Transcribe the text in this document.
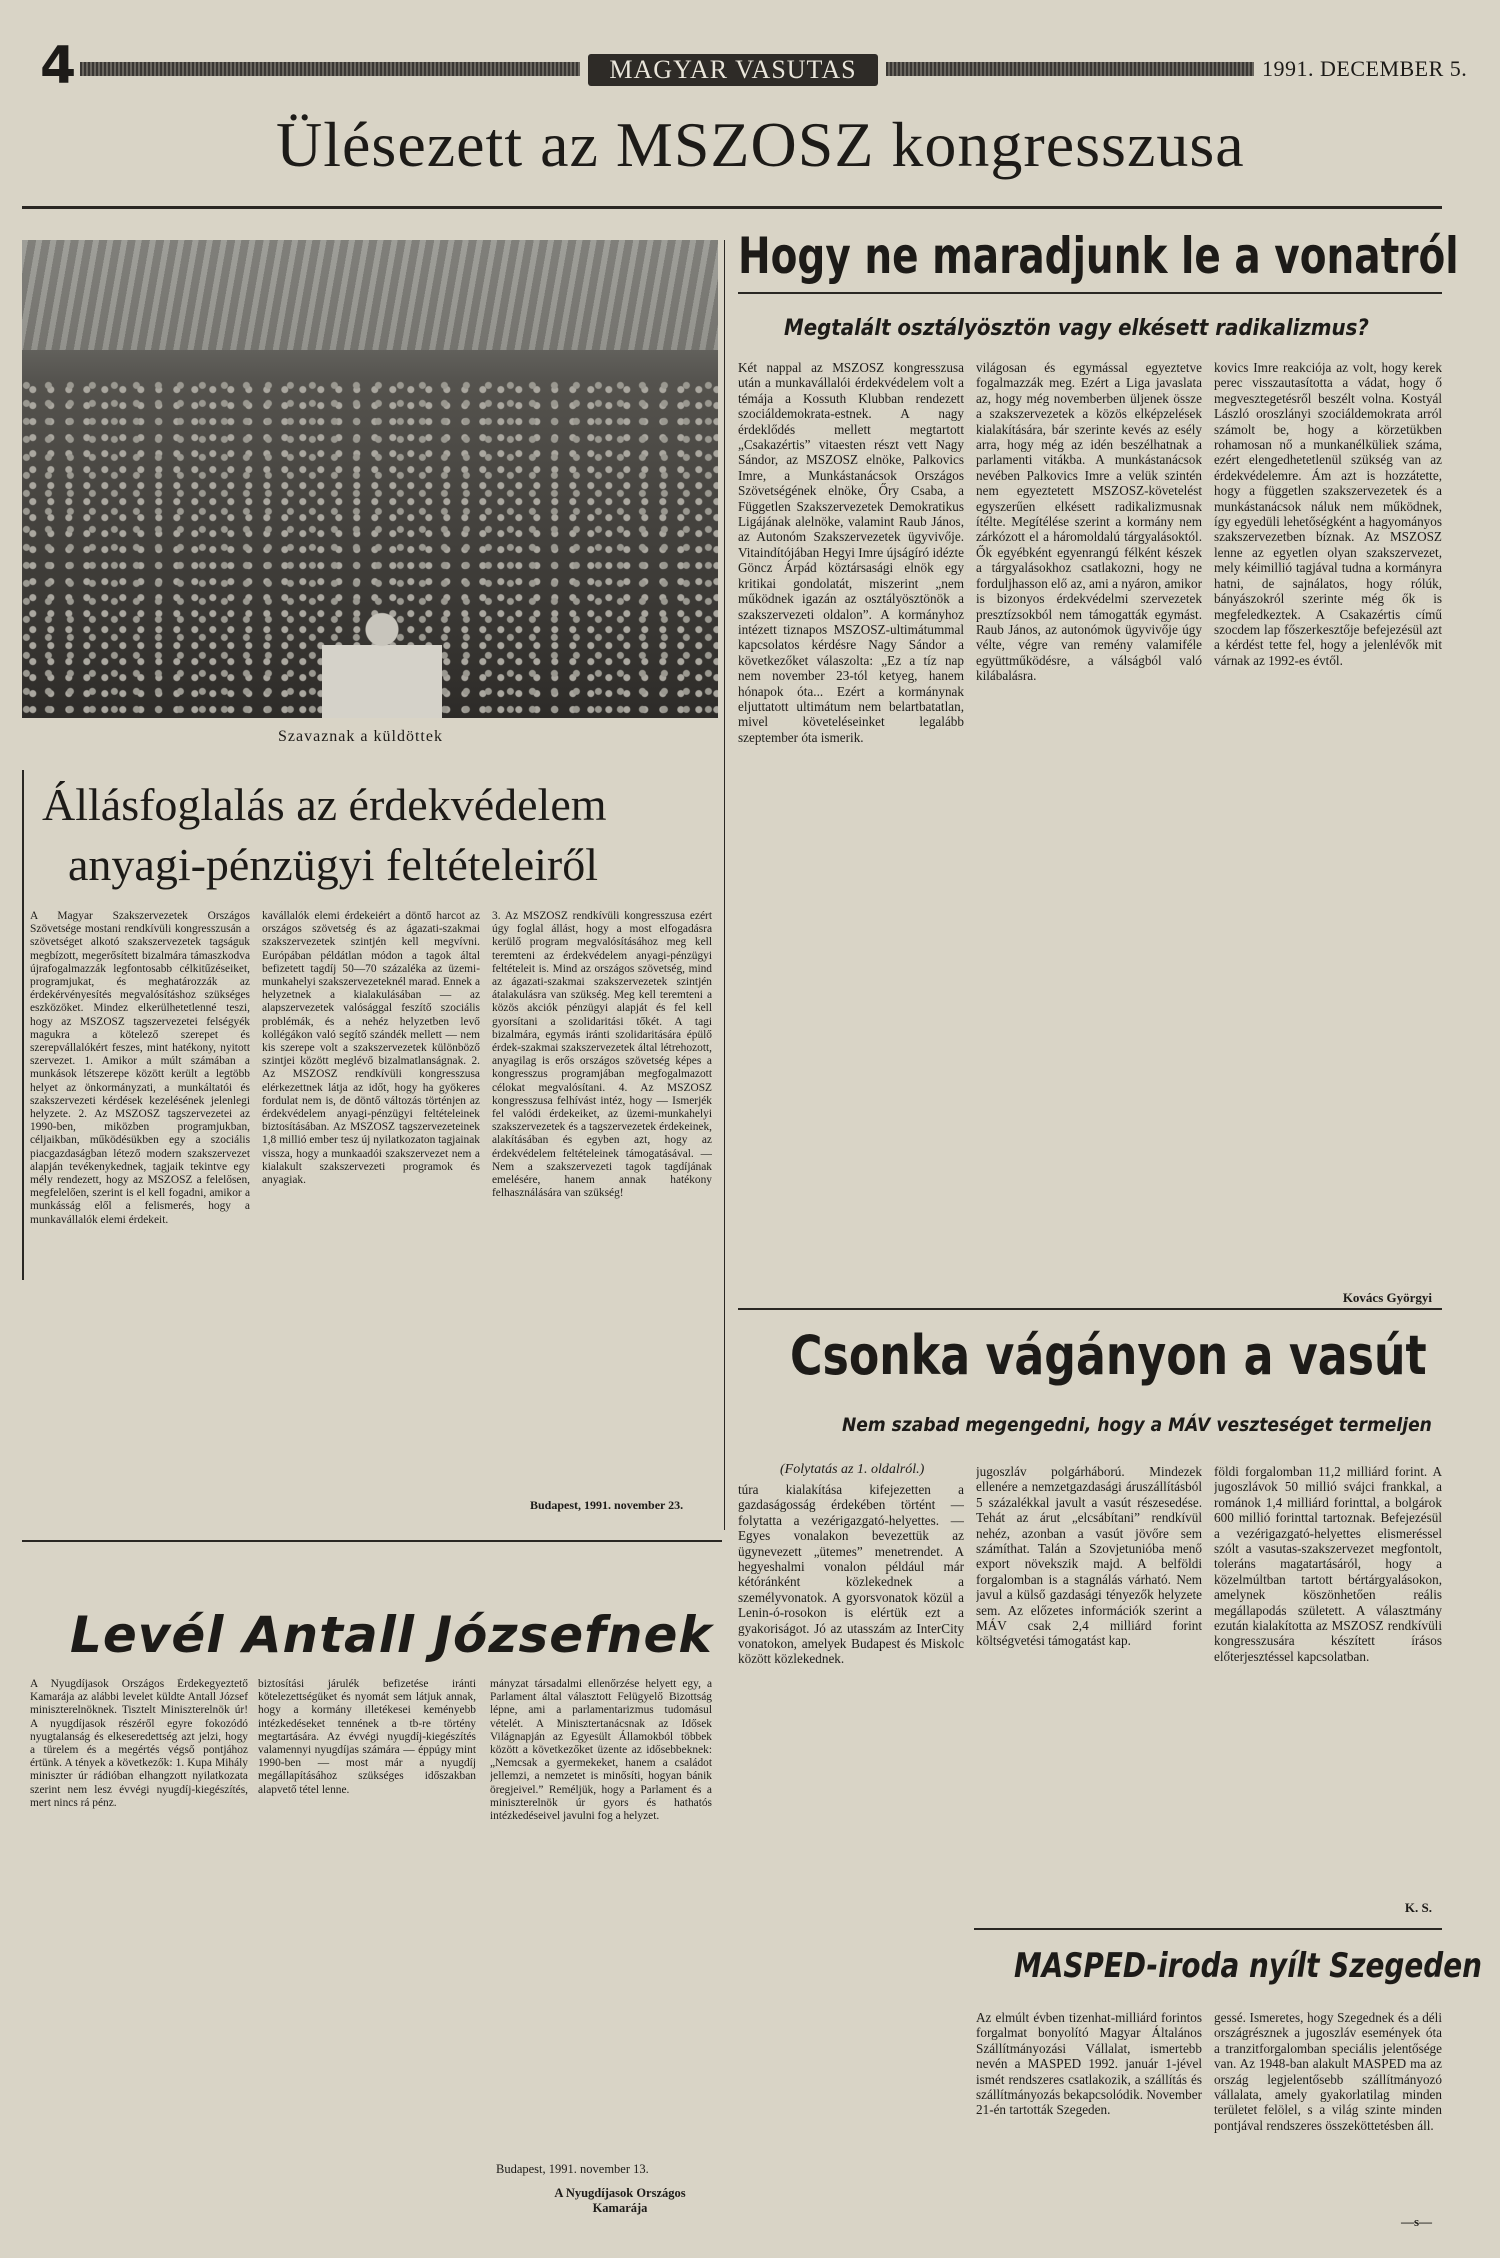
4	MAGYAR VASUTAS	1991. DECEMBER 5.
Ülésezett az MSZOSZ kongresszusa
Szavaznak a küldöttek
Hogy ne maradjunk le a vonatról
Megtalált osztályösztön vagy elkésett radikalizmus?
Két nappal az MSZOSZ kongresszusa után a munkavállalói érdekvédelem volt a témája a Kossuth Klubban rendezett szociáldemokrata-estnek. A nagy érdeklődés mellett megtartott „Csakazértis” vitaesten részt vett Nagy Sándor, az MSZOSZ elnöke, Palkovics Imre, a Munkástanácsok Országos Szövetségének elnöke, Őry Csaba, a Független Szakszervezetek Demokratikus Ligájának alelnöke, valamint Raub János, az Autonóm Szakszervezetek ügyvivője. Vitaindítójában Hegyi Imre újságíró idézte Göncz Árpád köztársasági elnök egy kritikai gondolatát, miszerint „nem működnek igazán az osztályösztönök a szakszervezeti oldalon”. A kormányhoz intézett tiznapos MSZOSZ-ultimátummal kapcsolatos kérdésre Nagy Sándor a következőket válaszolta: „Ez a tíz nap nem november 23-tól ketyeg, hanem hónapok óta... Ezért a kormánynak eljuttatott ultimátum nem belartbatatlan, mivel követeléseinket legalább szeptember óta ismerik.
világosan és egymással egyeztetve fogalmazzák meg. Ezért a Liga javaslata az, hogy még novemberben üljenek össze a szakszervezetek a közös elképzelések kialakítására, bár szerinte kevés az esély arra, hogy még az idén beszélhatnak a parlamenti vitákba. A munkástanácsok nevében Palkovics Imre a velük szintén nem egyeztetett MSZOSZ-követelést egyszerűen elkésett radikalizmusnak ítélte. Megítélése szerint a kormány nem zárkózott el a háromoldalú tárgyalásoktól. Ők egyébként egyenrangú félként készek a tárgyalásokhoz csatlakozni, hogy ne forduljhasson elő az, ami a nyáron, amikor is bizonyos érdekvédelmi szervezetek presztízsokból nem támogatták egymást. Raub János, az autonómok ügyvivője úgy vélte, végre van remény valamiféle együttműködésre, a válságból való kilábalásra.
kovics Imre reakciója az volt, hogy kerek perec visszautasította a vádat, hogy ő megvesztegetésről beszélt volna. Kostyál László oroszlányi szociáldemokrata arról számolt be, hogy a körzetükben rohamosan nő a munkanélküliek száma, ezért elengedhetetlenül szükség van az érdekvédelemre. Ám azt is hozzátette, hogy a független szakszervezetek és a munkástanácsok náluk nem működnek, így egyedüli lehetőségként a hagyományos szakszervezetben bíznak. Az MSZOSZ lenne az egyetlen olyan szakszervezet, mely kéimillió tagjával tudna a kormányra hatni, de sajnálatos, hogy rólúk, bányászokról szerinte még ők is megfeledkeztek. A Csakazértis című szocdem lap főszerkesztője befejezésül azt a kérdést tette fel, hogy a jelenlévők mit várnak az 1992-es évtől.
Kovács Györgyi
Állásfoglalás az érdekvédelem
anyagi-pénzügyi feltételeiről
A Magyar Szakszervezetek Országos Szövetsége mostani rendkívüli kongresszusán a szövetséget alkotó szakszervezetek tagságuk megbízott, megerősített bizalmára támaszkodva újrafogalmazzák legfontosabb célkitűzéseiket, programjukat, és meghatározzák az érdekérvényesítés megvalósításhoz szükséges eszközöket. Mindez elkerülhetetlenné teszi, hogy az MSZOSZ tagszervezetei felségyék magukra a kötelező szerepet és szerepvállalókért feszes, mint hatékony, nyitott szervezet. 1. Amikor a múlt számában a munkások létszerepe között került a legtöbb helyet az önkormányzati, a munkáltatói és szakszervezeti kérdések kezelésének jelenlegi helyzete. 2. Az MSZOSZ tagszervezetei az 1990-ben, miközben programjukban, céljaikban, működésükben egy a szociális piacgazdaságban létező modern szakszervezet alapján tevékenykednek, tagjaik tekintve egy mély rendezett, hogy az MSZOSZ a felelősen, megfelelően, szerint is el kell fogadni, amikor a munkásság elől a felismerés, hogy a munkavállalók elemi érdekeit.
kavállalók elemi érdekeiért a döntő harcot az országos szövetség és az ágazati-szakmai szakszervezetek szintjén kell megvívni. Európában példátlan módon a tagok által befizetett tagdíj 50—70 százaléka az üzemi-munkahelyi szakszervezeteknél marad. Ennek a helyzetnek a kialakulásában — az alapszervezetek valósággal feszítő szociális problémák, és a nehéz helyzetben levő kollégákon való segítő szándék mellett — nem kis szerepe volt a szakszervezetek különböző szintjei között meglévő bizalmatlanságnak. 2. Az MSZOSZ rendkívüli kongresszusa elérkezettnek látja az időt, hogy ha gyökeres fordulat nem is, de döntő változás történjen az érdekvédelem anyagi-pénzügyi feltételeinek biztosításában. Az MSZOSZ tagszervezeteinek 1,8 millió ember tesz új nyilatkozaton tagjainak vissza, hogy a munkaadói szakszervezet nem a kialakult szakszervezeti programok és anyagiak.
3. Az MSZOSZ rendkívüli kongresszusa ezért úgy foglal állást, hogy a most elfogadásra kerülő program megvalósításához meg kell teremteni az érdekvédelem anyagi-pénzügyi feltételeit is. Mind az országos szövetség, mind az ágazati-szakmai szakszervezetek szintjén átalakulásra van szükség. Meg kell teremteni a közös akciók pénzügyi alapját és fel kell gyorsítani a szolidaritási tőkét. A tagi bizalmára, egymás iránti szolidaritására épülő érdek-szakmai szakszervezetek által létrehozott, anyagilag is erős országos szövetség képes a kongresszus programjában megfogalmazott célokat megvalósítani. 4. Az MSZOSZ kongresszusa felhívást intéz, hogy — Ismerjék fel valódi érdekeiket, az üzemi-munkahelyi szakszervezetek és a tagszervezetek érdekeinek, alakításában és egyben azt, hogy az érdekvédelem feltételeinek támogatásával. — Nem a szakszervezeti tagok tagdíjának emelésére, hanem annak hatékony felhasználására van szükség!
Budapest, 1991. november 23.
Csonka vágányon a vasút
Nem szabad megengedni, hogy a MÁV veszteséget termeljen
(Folytatás az 1. oldalról.)
túra kialakítása kifejezetten a gazdaságosság érdekében történt — folytatta a vezérigazgató-helyettes. — Egyes vonalakon bevezettük az ügynevezett „ütemes” menetrendet. A hegyeshalmi vonalon például már kétóránként közlekednek a személyvonatok. A gyorsvonatok közül a Lenin-ó-rosokon is elértük ezt a gyakoriságot. Jó az utasszám az InterCity vonatokon, amelyek Budapest és Miskolc között közlekednek.
jugoszláv polgárháború. Mindezek ellenére a nemzetgazdasági áruszállításból 5 százalékkal javult a vasút részesedése. Tehát az árut „elcsábítani” rendkívül nehéz, azonban a vasút jövőre sem számíthat. Talán a Szovjetunióba menő export növekszik majd. A belföldi forgalomban is a stagnálás várható. Nem javul a külső gazdasági tényezők helyzete sem. Az előzetes információk szerint a MÁV csak 2,4 milliárd forint költségvetési támogatást kap.
földi forgalomban 11,2 milliárd forint. A jugoszlávok 50 millió svájci frankkal, a románok 1,4 milliárd forinttal, a bolgárok 600 millió forinttal tartoznak. Befejezésül a vezérigazgató-helyettes elismeréssel szólt a vasutas-szakszervezet megfontolt, toleráns magatartásáról, hogy a közelmúltban tartott bértárgyalásokon, amelynek köszönhetően reális megállapodás született. A választmány ezután kialakította az MSZOSZ rendkívüli kongresszusára készített írásos előterjesztéssel kapcsolatban.
K. S.
Levél Antall Józsefnek
A Nyugdíjasok Országos Érdekegyeztető Kamarája az alábbi levelet küldte Antall József miniszterelnöknek. Tisztelt Miniszterelnök úr! A nyugdíjasok részéről egyre fokozódó nyugtalanság és elkeseredettség azt jelzi, hogy a türelem és a megértés végső pontjához értünk. A tények a következők: 1. Kupa Mihály miniszter úr rádióban elhangzott nyilatkozata szerint nem lesz évvégi nyugdíj-kiegészítés, mert nincs rá pénz.
biztosítási járulék befizetése iránti kötelezettségüket és nyomát sem látjuk annak, hogy a kormány illetékesei keményebb intézkedéseket tennének a tb-re történy megtartására. Az évvégi nyugdíj-kiegészítés valamennyi nyugdíjas számára — éppúgy mint 1990-ben — most már a nyugdíj megállapításához szükséges időszakban alapvető tétel lenne.
mányzat társadalmi ellenőrzése helyett egy, a Parlament által választott Felügyelő Bizottság lépne, ami a parlamentarizmus tudomásul vételét. A Minisztertanácsnak az Idősek Világnapján az Egyesült Államokból többek között a következőket üzente az idősebbeknek: „Nemcsak a gyermekeket, hanem a családot jellemzi, a nemzetet is minősíti, hogyan bánik öregjeivel.” Reméljük, hogy a Parlament és a miniszterelnök úr gyors és hathatós intézkedéseivel javulni fog a helyzet.
Budapest, 1991. november 13.
A Nyugdíjasok Országos Kamarája
MASPED-iroda nyílt Szegeden
Az elmúlt évben tizenhat-milliárd forintos forgalmat bonyolító Magyar Általános Szállítmányozási Vállalat, ismertebb nevén a MASPED 1992. január 1-jével ismét rendszeres csatlakozik, a szállítás és szállítmányozás bekapcsolódik. November 21-én tartották Szegeden.
gessé. Ismeretes, hogy Szegednek és a déli országrésznek a jugoszláv események óta a tranzitforgalomban speciális jelentősége van. Az 1948-ban alakult MASPED ma az ország legjelentősebb szállítmányozó vállalata, amely gyakorlatilag minden területet felölel, s a világ szinte minden pontjával rendszeres összeköttetésben áll.
—s—
